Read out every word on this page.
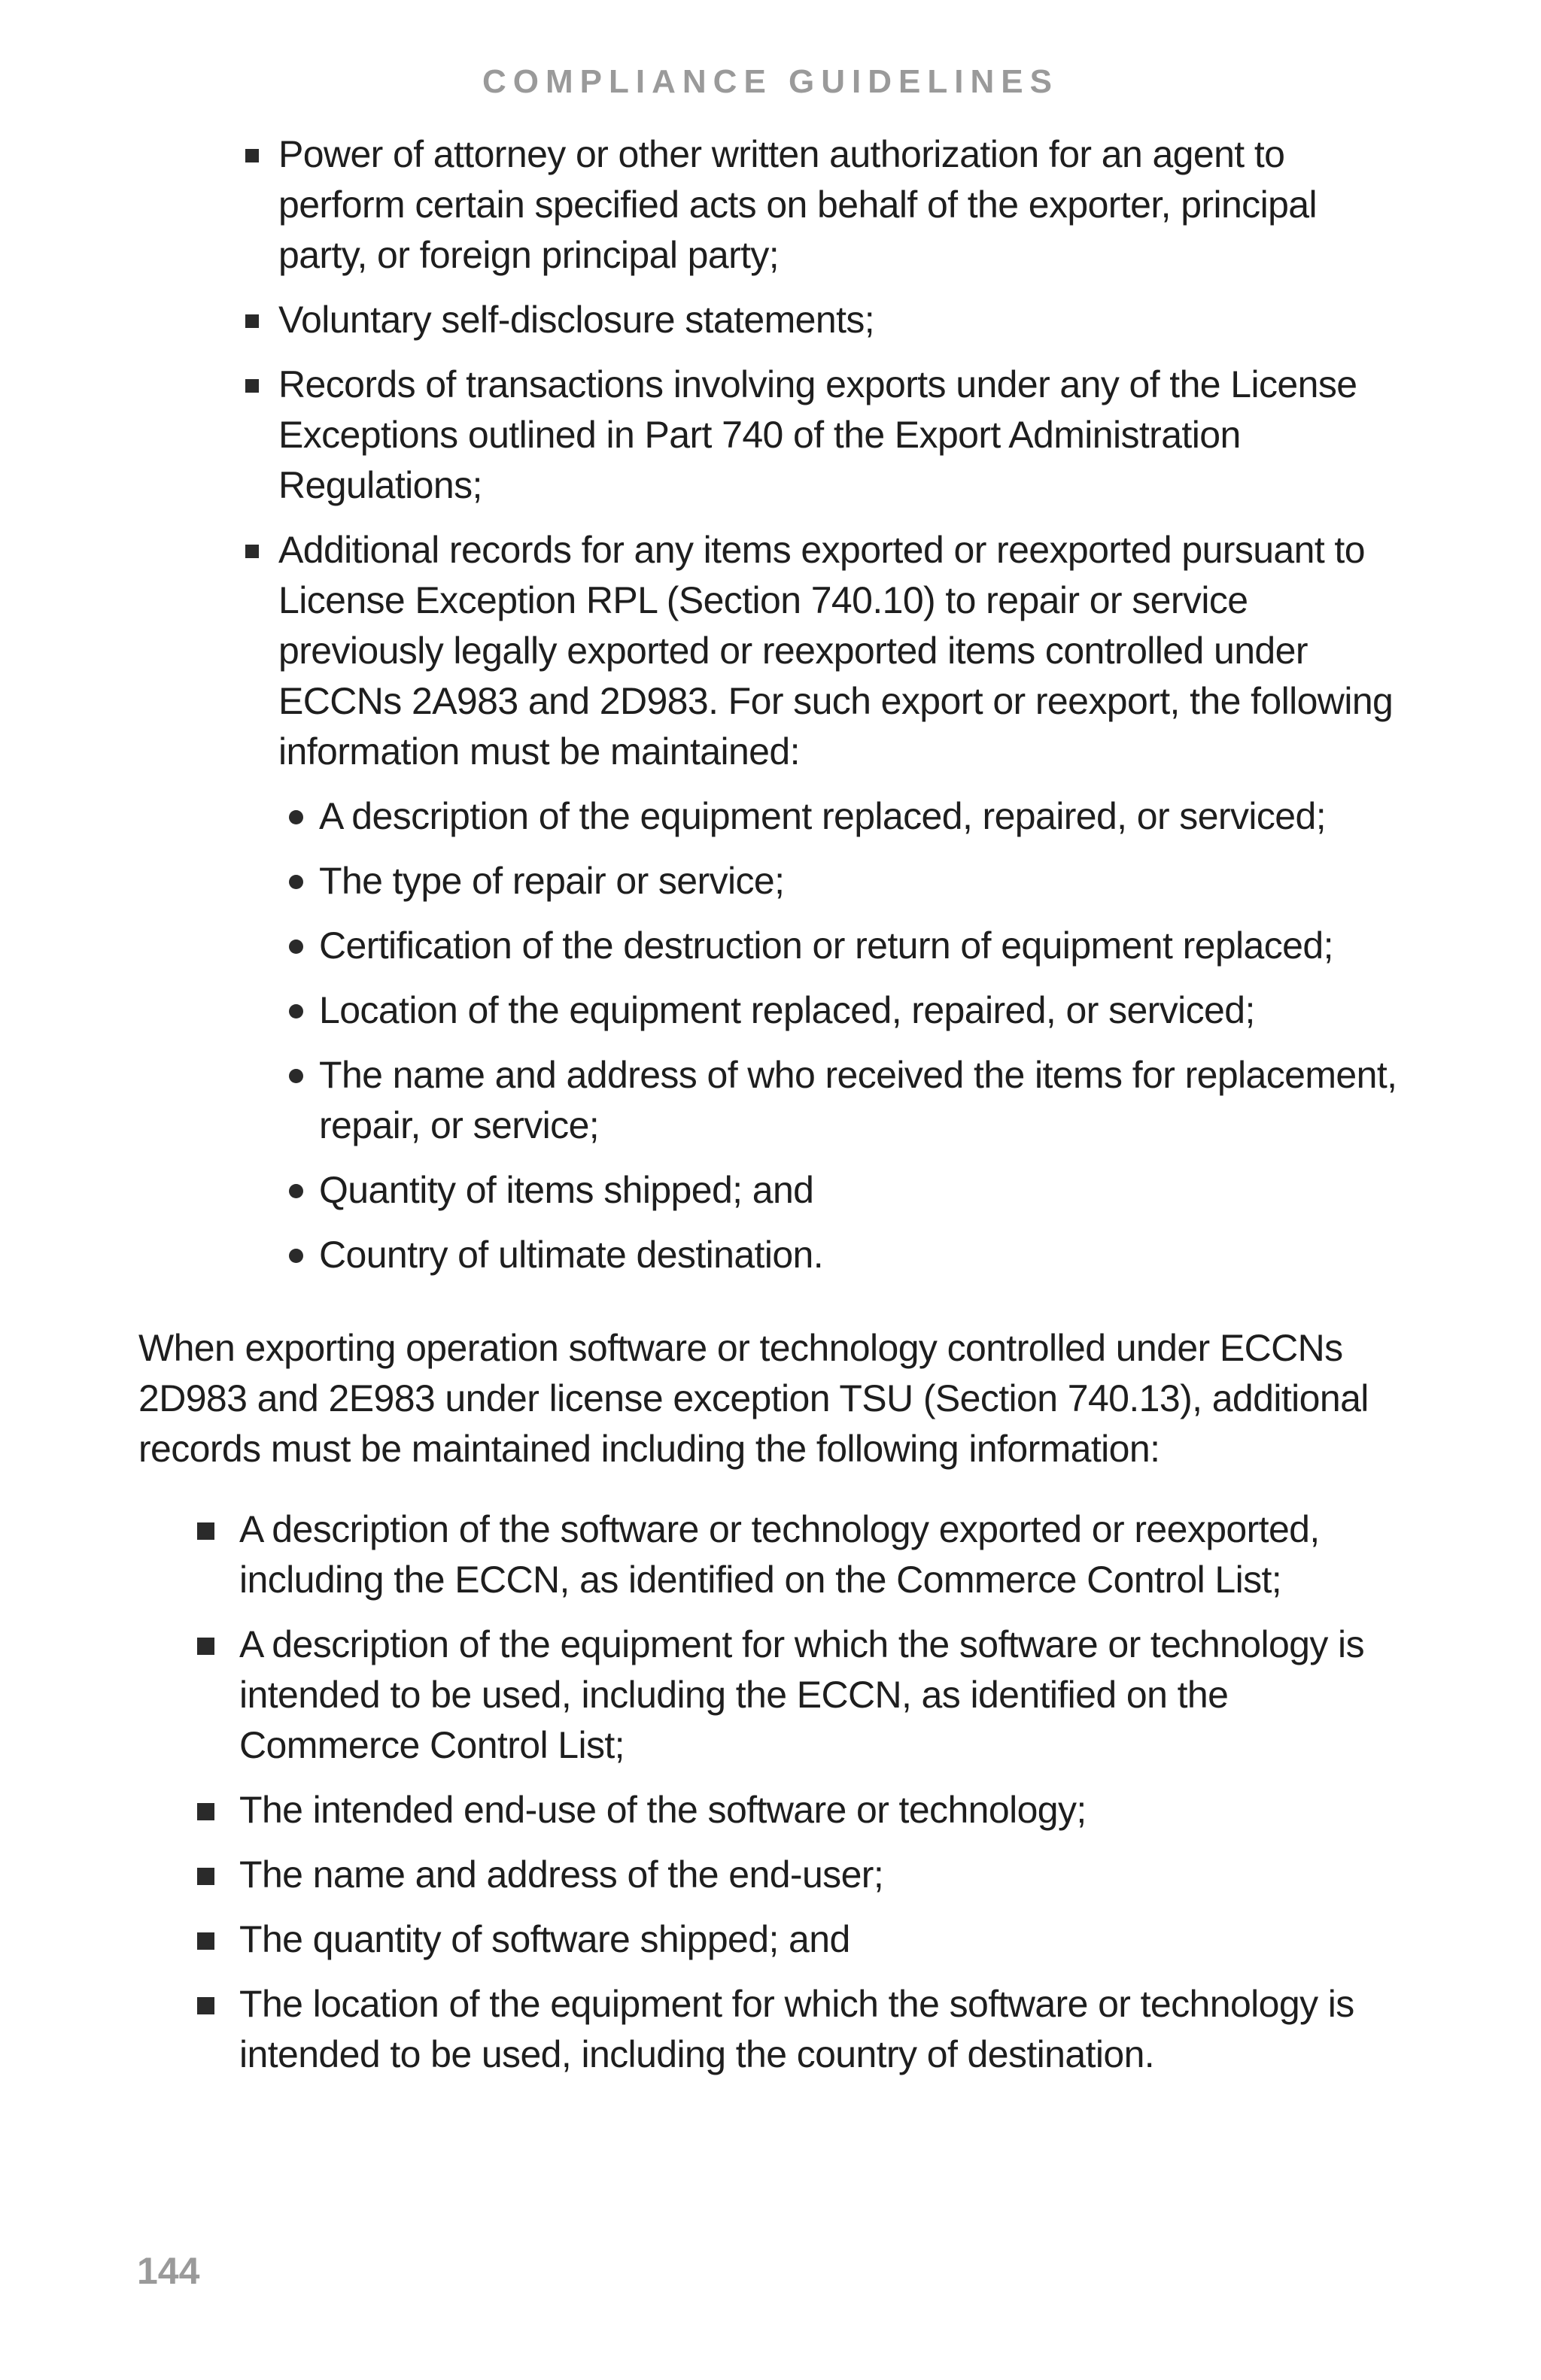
COMPLIANCE GUIDELINES
Power of attorney or other written authorization for an agent to perform certain specified acts on behalf of the exporter, principal party, or foreign principal party;
Voluntary self-disclosure statements;
Records of transactions involving exports under any of the License Exceptions outlined in Part 740 of the Export Administration Regulations;
Additional records for any items exported or reexported pursuant to License Exception RPL (Section 740.10) to repair or service previously legally exported or reexported items controlled under ECCNs 2A983 and 2D983. For such export or reexport, the following information must be maintained:
A description of the equipment replaced, repaired, or serviced;
The type of repair or service;
Certification of the destruction or return of equipment replaced;
Location of the equipment replaced, repaired, or serviced;
The name and address of who received the items for replacement, repair, or service;
Quantity of items shipped; and
Country of ultimate destination.

When exporting operation software or technology controlled under ECCNs 2D983 and 2E983 under license exception TSU (Section 740.13), additional records must be maintained including the following information:

A description of the software or technology exported or reexported, including the ECCN, as identified on the Commerce Control List;
A description of the equipment for which the software or technology is intended to be used, including the ECCN, as identified on the Commerce Control List;
The intended end-use of the software or technology;
The name and address of the end-user;
The quantity of software shipped; and
The location of the equipment for which the software or technology is intended to be used, including the country of destination.
144
